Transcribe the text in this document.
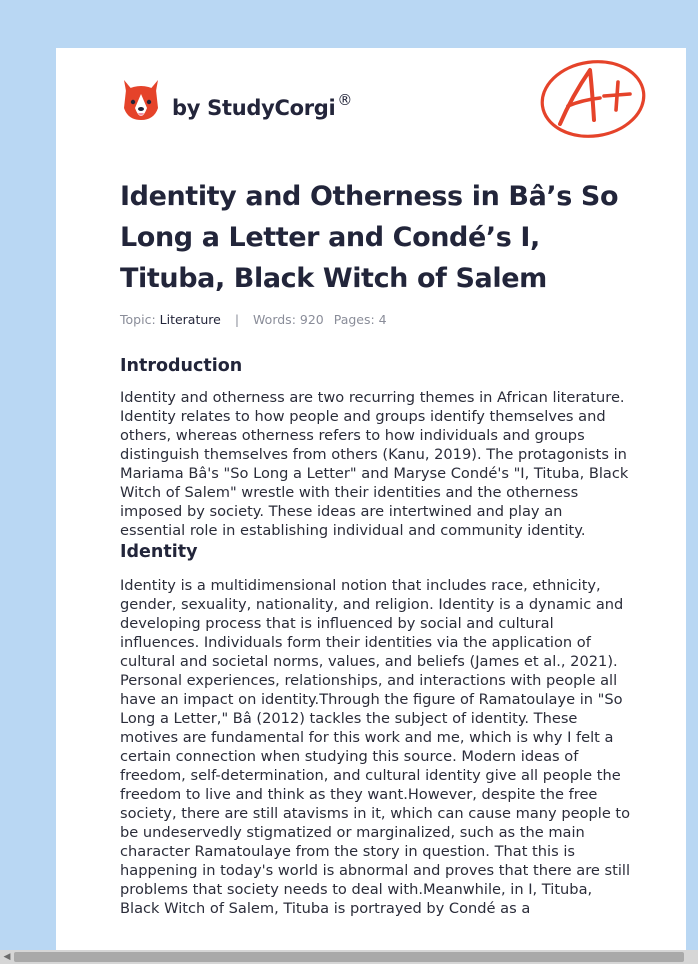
by StudyCorgi ®
Identity and Otherness in Bâ’s So Long a Letter and Condé’s I, Tituba, Black Witch of Salem
Topic: Literature | Words: 920 Pages: 4
Introduction

Identity and otherness are two recurring themes in African literature. Identity relates to how people and groups identify themselves and others, whereas otherness refers to how individuals and groups distinguish themselves from others (Kanu, 2019). The protagonists in Mariama Bâ's "So Long a Letter" and Maryse Condé's "I, Tituba, Black Witch of Salem" wrestle with their identities and the otherness imposed by society. These ideas are intertwined and play an essential role in establishing individual and community identity.

Identity

Identity is a multidimensional notion that includes race, ethnicity, gender, sexuality, nationality, and religion. Identity is a dynamic and developing process that is influenced by social and cultural influences. Individuals form their identities via the application of cultural and societal norms, values, and beliefs (James et al., 2021). Personal experiences, relationships, and interactions with people all have an impact on identity.Through the figure of Ramatoulaye in "So Long a Letter," Bâ (2012) tackles the subject of identity. These motives are fundamental for this work and me, which is why I felt a certain connection when studying this source. Modern ideas of freedom, self-determination, and cultural identity give all people the freedom to live and think as they want.However, despite the free society, there are still atavisms in it, which can cause many people to be undeservedly stigmatized or marginalized, such as the main character Ramatoulaye from the story in question. That this is happening in today's world is abnormal and proves that there are still problems that society needs to deal with.Meanwhile, in I, Tituba, Black Witch of Salem, Tituba is portrayed by Condé as a

◀
